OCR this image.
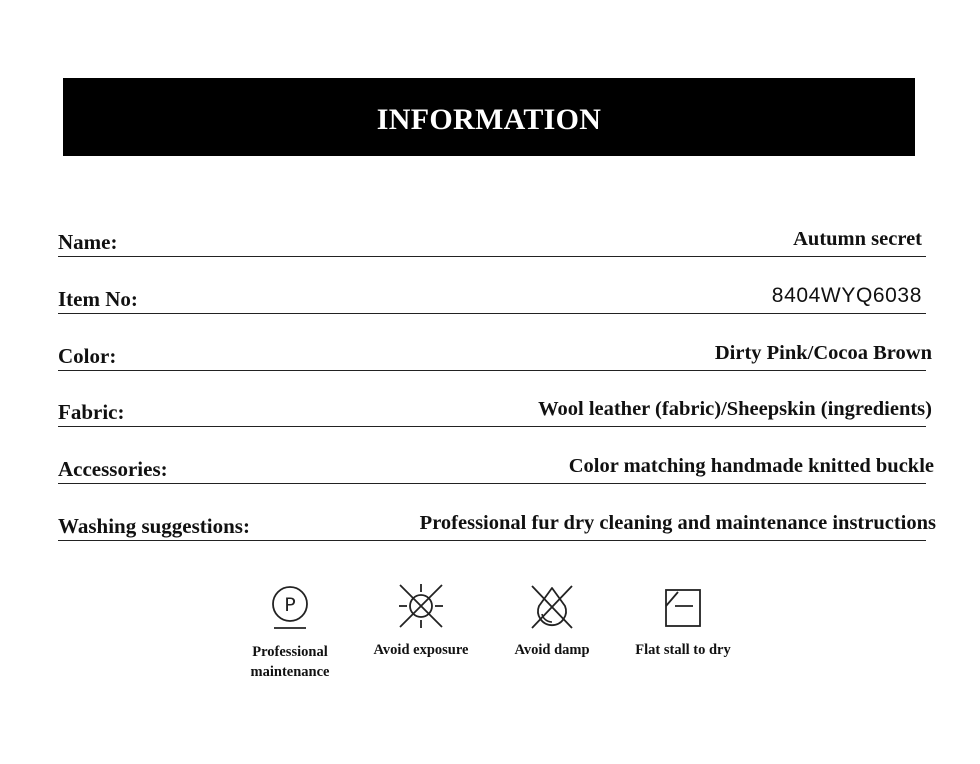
INFORMATION
Name:	Autumn secret
Item No:	8404WYQ6038
Color:	Dirty Pink/Cocoa Brown
Fabric:	Wool leather (fabric)/Sheepskin (ingredients)
Accessories:	Color matching handmade knitted buckle
Washing suggestions:	Professional fur dry cleaning and maintenance instructions
P
Professional
maintenance
Avoid exposure	Avoid damp	Flat stall to dry
